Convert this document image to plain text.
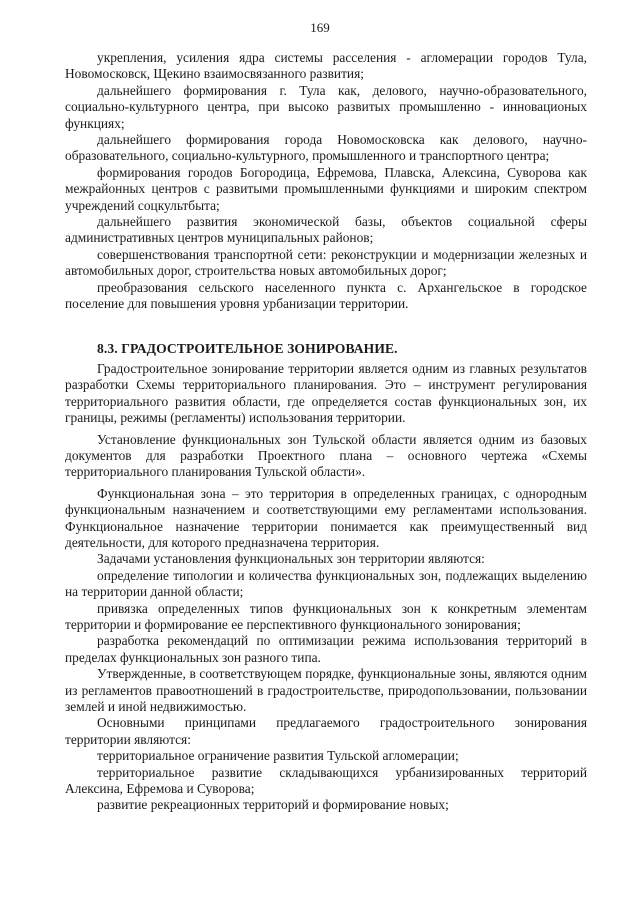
169

укрепления, усиления ядра системы расселения - агломерации городов Тула, Новомосковск, Щекино взаимосвязанного развития;

дальнейшего формирования г. Тула как, делового, научно-образовательного, социально-культурного центра, при высоко развитых промышленно - инновационых функциях;

дальнейшего формирования города Новомосковска как делового, научно-образовательного, социально-культурного, промышленного и транспортного центра;

формирования городов Богородица, Ефремова, Плавска, Алексина, Суворова как межрайонных центров с развитыми промышленными функциями и широким спектром учреждений соцкультбыта;

дальнейшего развития экономической базы, объектов социальной сферы административных центров муниципальных районов;

совершенствования транспортной сети: реконструкции и модернизации железных и автомобильных дорог, строительства новых автомобильных дорог;

преобразования сельского населенного пункта с. Архангельское в городское поселение для повышения уровня урбанизации территории.

8.3. ГРАДОСТРОИТЕЛЬНОЕ ЗОНИРОВАНИЕ.

Градостроительное зонирование территории является одним из главных результатов разработки Схемы территориального планирования. Это – инструмент регулирования территориального развития области, где определяется состав функциональных зон, их границы, режимы (регламенты) использования территории.

Установление функциональных зон Тульской области является одним из базовых документов для разработки Проектного плана – основного чертежа «Схемы территориального планирования Тульской области».

Функциональная зона – это территория в определенных границах, с однородным функциональным назначением и соответствующими ему регламентами использования. Функциональное назначение территории понимается как преимущественный вид деятельности, для которого предназначена территория.

Задачами установления функциональных зон территории являются:

определение типологии и количества функциональных зон, подлежащих выделению на территории данной области;

привязка определенных типов функциональных зон к конкретным элементам территории и формирование ее перспективного функционального зонирования;

разработка рекомендаций по оптимизации режима использования территорий в пределах функциональных зон разного типа.

Утвержденные, в соответствующем порядке, функциональные зоны, являются одним из регламентов правоотношений в градостроительстве, природопользовании, пользовании землей и иной недвижимостью.

Основными принципами предлагаемого градостроительного зонирования территории являются:

территориальное ограничение развития Тульской агломерации;

территориальное развитие складывающихся урбанизированных территорий Алексина, Ефремова и Суворова;

развитие рекреационных территорий и формирование новых;
